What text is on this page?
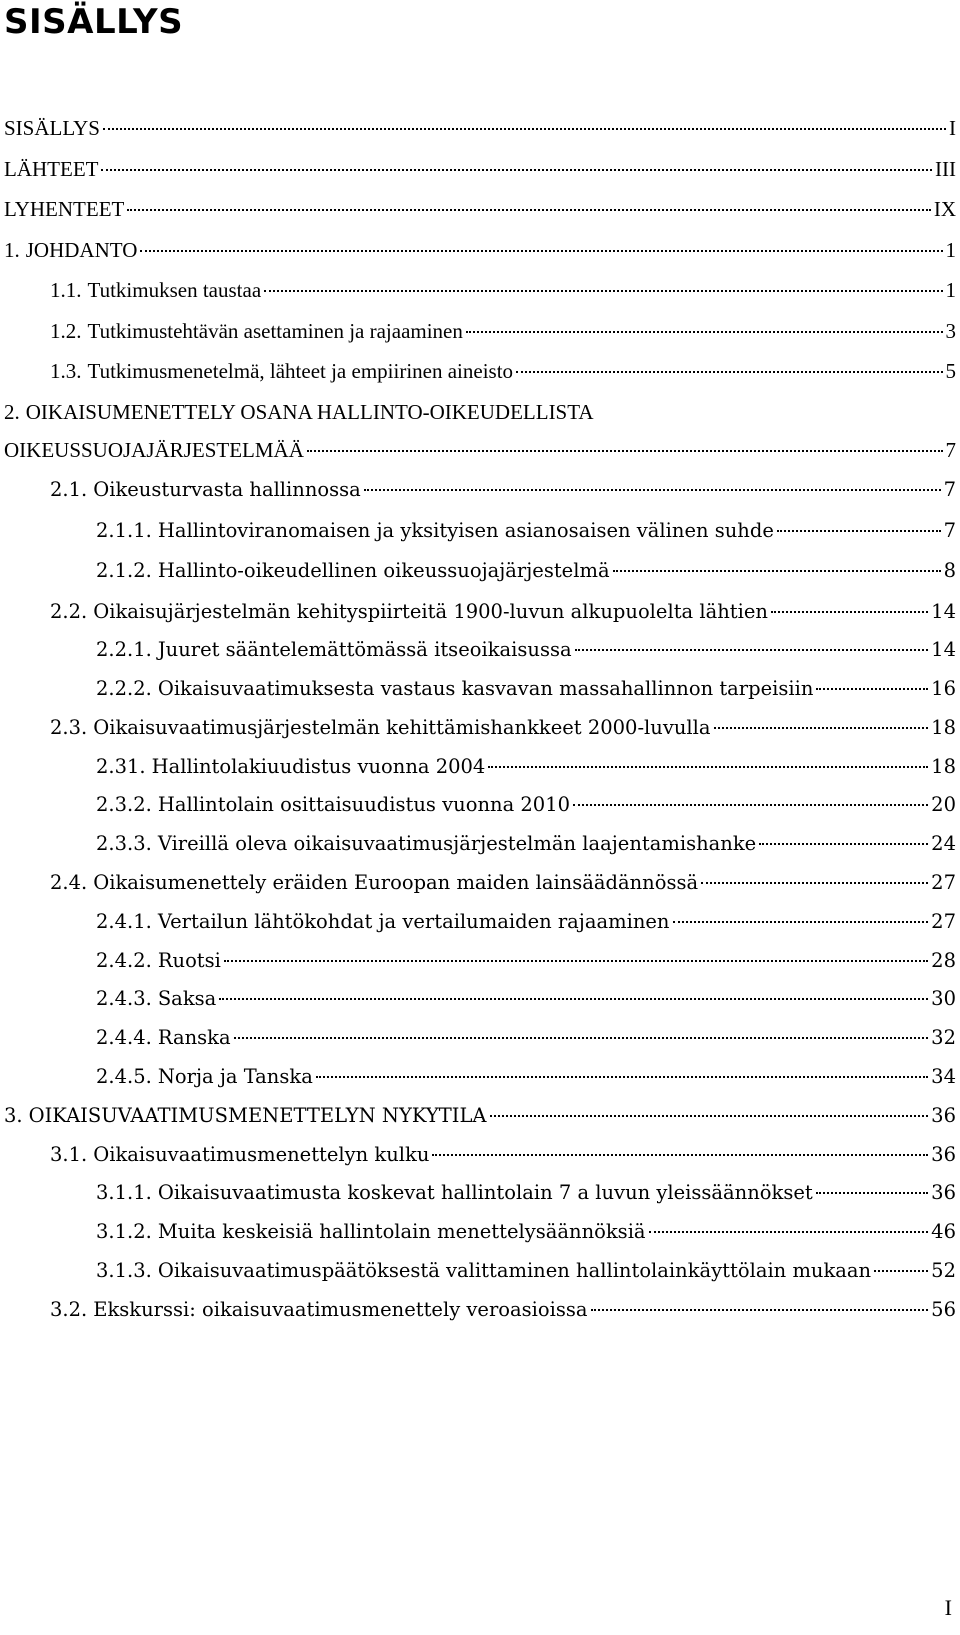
SISÄLLYS
SISÄLLYS	I
LÄHTEET	III
LYHENTEET	IX
1. JOHDANTO	1
1.1. Tutkimuksen taustaa	1
1.2. Tutkimustehtävän asettaminen ja rajaaminen	3
1.3. Tutkimusmenetelmä, lähteet ja empiirinen aineisto	5
2. OIKAISUMENETTELY OSANA HALLINTO-OIKEUDELLISTA
OIKEUSSUOJAJÄRJESTELMÄÄ	7
2.1. Oikeusturvasta hallinnossa	7
2.1.1. Hallintoviranomaisen ja yksityisen asianosaisen välinen suhde	7
2.1.2. Hallinto-oikeudellinen oikeussuojajärjestelmä	8
2.2. Oikaisujärjestelmän kehityspiirteitä 1900-luvun alkupuolelta lähtien	14
2.2.1. Juuret sääntelemättömässä itseoikaisussa	14
2.2.2. Oikaisuvaatimuksesta vastaus kasvavan massahallinnon tarpeisiin	16
2.3. Oikaisuvaatimusjärjestelmän kehittämishankkeet 2000-luvulla	18
2.31. Hallintolakiuudistus vuonna 2004	18
2.3.2. Hallintolain osittaisuudistus vuonna 2010	20
2.3.3. Vireillä oleva oikaisuvaatimusjärjestelmän laajentamishanke	24
2.4. Oikaisumenettely eräiden Euroopan maiden lainsäädännössä	27
2.4.1. Vertailun lähtökohdat ja vertailumaiden rajaaminen	27
2.4.2. Ruotsi	28
2.4.3. Saksa	30
2.4.4. Ranska	32
2.4.5. Norja ja Tanska	34
3. OIKAISUVAATIMUSMENETTELYN NYKYTILA	36
3.1. Oikaisuvaatimusmenettelyn kulku	36
3.1.1. Oikaisuvaatimusta koskevat hallintolain 7 a luvun yleissäännökset	36
3.1.2. Muita keskeisiä hallintolain menettelysäännöksiä	46
3.1.3. Oikaisuvaatimuspäätöksestä valittaminen hallintolainkäyttölain mukaan	52
3.2. Ekskurssi: oikaisuvaatimusmenettely veroasioissa	56
I
